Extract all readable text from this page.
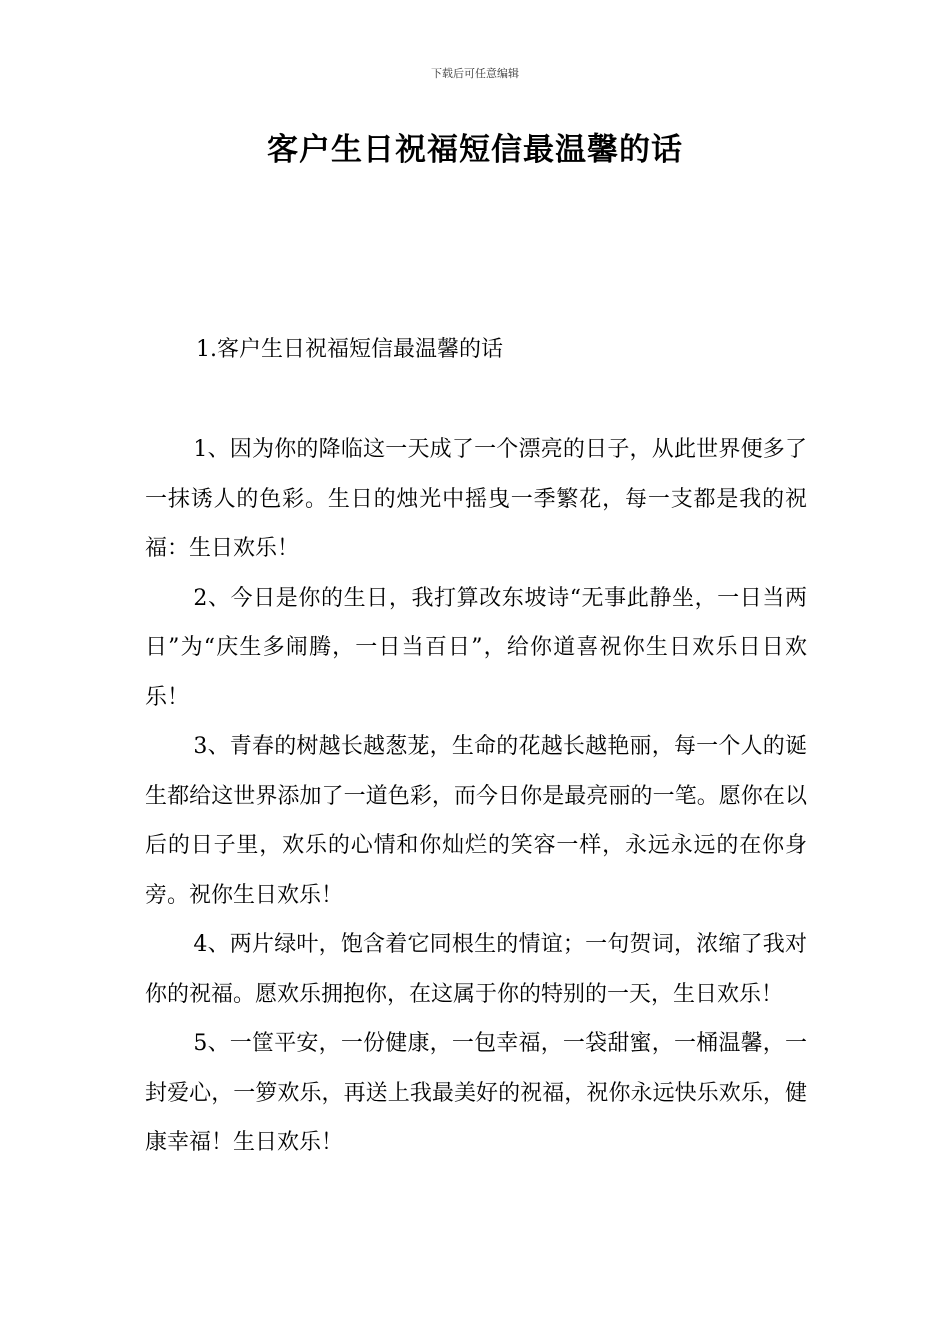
下载后可任意编辑
客户生日祝福短信最温馨的话
1.客户生日祝福短信最温馨的话

1、因为你的降临这一天成了一个漂亮的日子，从此世界便多了一抹诱人的色彩。生日的烛光中摇曳一季繁花，每一支都是我的祝福：生日欢乐！

2、今日是你的生日，我打算改东坡诗“无事此静坐，一日当两日”为“庆生多闹腾，一日当百日”，给你道喜祝你生日欢乐日日欢乐！

3、青春的树越长越葱茏，生命的花越长越艳丽，每一个人的诞生都给这世界添加了一道色彩，而今日你是最亮丽的一笔。愿你在以后的日子里，欢乐的心情和你灿烂的笑容一样，永远永远的在你身旁。祝你生日欢乐！

4、两片绿叶，饱含着它同根生的情谊；一句贺词，浓缩了我对你的祝福。愿欢乐拥抱你，在这属于你的特别的一天，生日欢乐！

5、一筐平安，一份健康，一包幸福，一袋甜蜜，一桶温馨，一封爱心，一箩欢乐，再送上我最美好的祝福，祝你永远快乐欢乐，健康幸福！生日欢乐！
